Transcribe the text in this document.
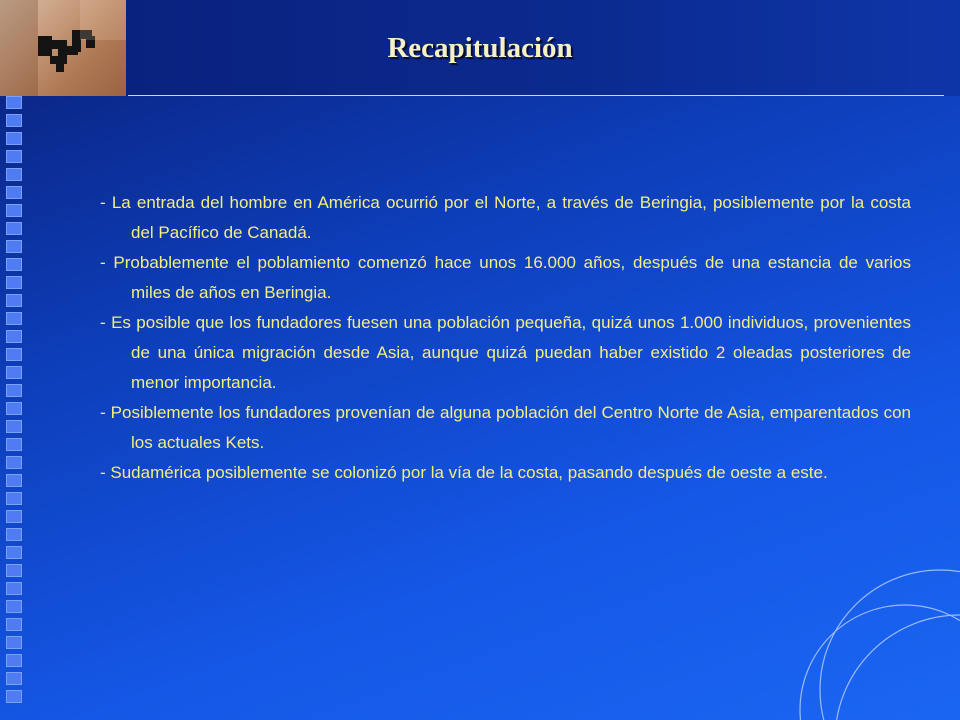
Recapitulación

- La entrada del hombre en América ocurrió por el Norte, a través de Beringia, posiblemente por la costa del Pacífico de Canadá.

- Probablemente el poblamiento comenzó hace unos 16.000 años, después de una estancia de varios miles de años en Beringia.

- Es posible que los fundadores fuesen una población pequeña, quizá unos 1.000 individuos, provenientes de una única migración desde Asia, aunque quizá puedan haber existido 2 oleadas posteriores de menor importancia.

- Posiblemente los fundadores provenían de alguna población del Centro Norte de Asia, emparentados con los actuales Kets.

- Sudamérica posiblemente se colonizó por la vía de la costa, pasando después de oeste a este.
